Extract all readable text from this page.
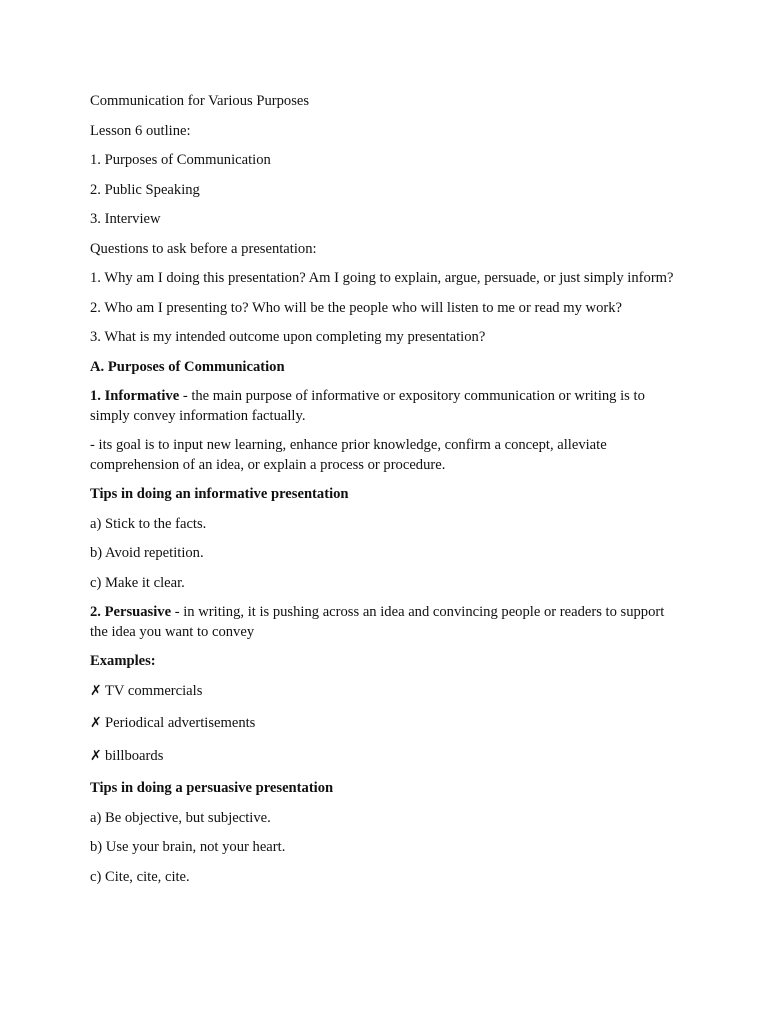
Communication for Various Purposes

Lesson 6 outline:

1. Purposes of Communication

2. Public Speaking

3. Interview

Questions to ask before a presentation:

1. Why am I doing this presentation? Am I going to explain, argue, persuade, or just simply inform?

2. Who am I presenting to? Who will be the people who will listen to me or read my work?

3. What is my intended outcome upon completing my presentation?

A. Purposes of Communication

1. Informative - the main purpose of informative or expository communication or writing is to simply convey information factually.

- its goal is to input new learning, enhance prior knowledge, confirm a concept, alleviate comprehension of an idea, or explain a process or procedure.

Tips in doing an informative presentation

a) Stick to the facts.

b) Avoid repetition.

c) Make it clear.

2. Persuasive - in writing, it is pushing across an idea and convincing people or readers to support the idea you want to convey

Examples:

✗ TV commercials

✗ Periodical advertisements

✗ billboards

Tips in doing a persuasive presentation

a) Be objective, but subjective.

b) Use your brain, not your heart.

c) Cite, cite, cite.
